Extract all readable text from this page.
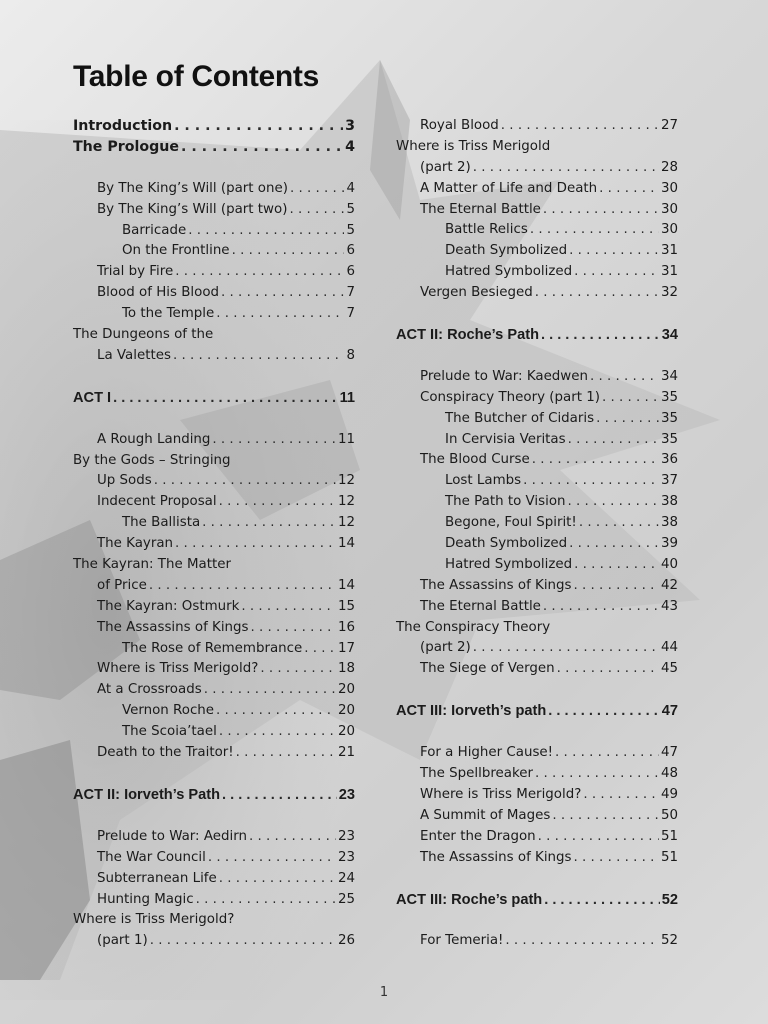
Table of Contents
Introduction . . .	3
The Prologue . . .	4
By The King’s Will (part one) . . .	4
By The King’s Will (part two) . . .	5
Barricade . . .	5
On the Frontline . . .	6
Trial by Fire . . .	6
Blood of His Blood . . .	7
To the Temple . . .	7
The Dungeons of the
La Valettes . . .	8
ACT I . . .	11
A Rough Landing . . .	11
By the Gods – Stringing
Up Sods . . .	12
Indecent Proposal . . .	12
The Ballista . . .	12
The Kayran . . .	14
The Kayran: The Matter
of Price . . .	14
The Kayran: Ostmurk . . .	15
The Assassins of Kings . . .	16
The Rose of Remembrance . . .	17
Where is Triss Merigold? . . .	18
At a Crossroads . . .	20
Vernon Roche . . .	20
The Scoia’tael . . .	20
Death to the Traitor! . . .	21
ACT II: Iorveth’s Path . . .	23
Prelude to War: Aedirn . . .	23
The War Council . . .	23
Subterranean Life . . .	24
Hunting Magic . . .	25
Where is Triss Merigold?
(part 1) . . .	26
Royal Blood . . .	27
Where is Triss Merigold
(part 2) . . .	28
A Matter of Life and Death . . .	30
The Eternal Battle . . .	30
Battle Relics . . .	30
Death Symbolized . . .	31
Hatred Symbolized . . .	31
Vergen Besieged . . .	32
ACT II: Roche’s Path . . .	34
Prelude to War: Kaedwen . . .	34
Conspiracy Theory (part 1) . . .	35
The Butcher of Cidaris . . .	35
In Cervisia Veritas . . .	35
The Blood Curse . . .	36
Lost Lambs . . .	37
The Path to Vision . . .	38
Begone, Foul Spirit! . . .	38
Death Symbolized . . .	39
Hatred Symbolized . . .	40
The Assassins of Kings . . .	42
The Eternal Battle . . .	43
The Conspiracy Theory
(part 2) . . .	44
The Siege of Vergen . . .	45
ACT III: Iorveth’s path . . .	47
For a Higher Cause! . . .	47
The Spellbreaker . . .	48
Where is Triss Merigold? . . .	49
A Summit of Mages . . .	50
Enter the Dragon . . .	51
The Assassins of Kings . . .	51
ACT III: Roche’s path . . .	52
For Temeria! . . .	52
1
